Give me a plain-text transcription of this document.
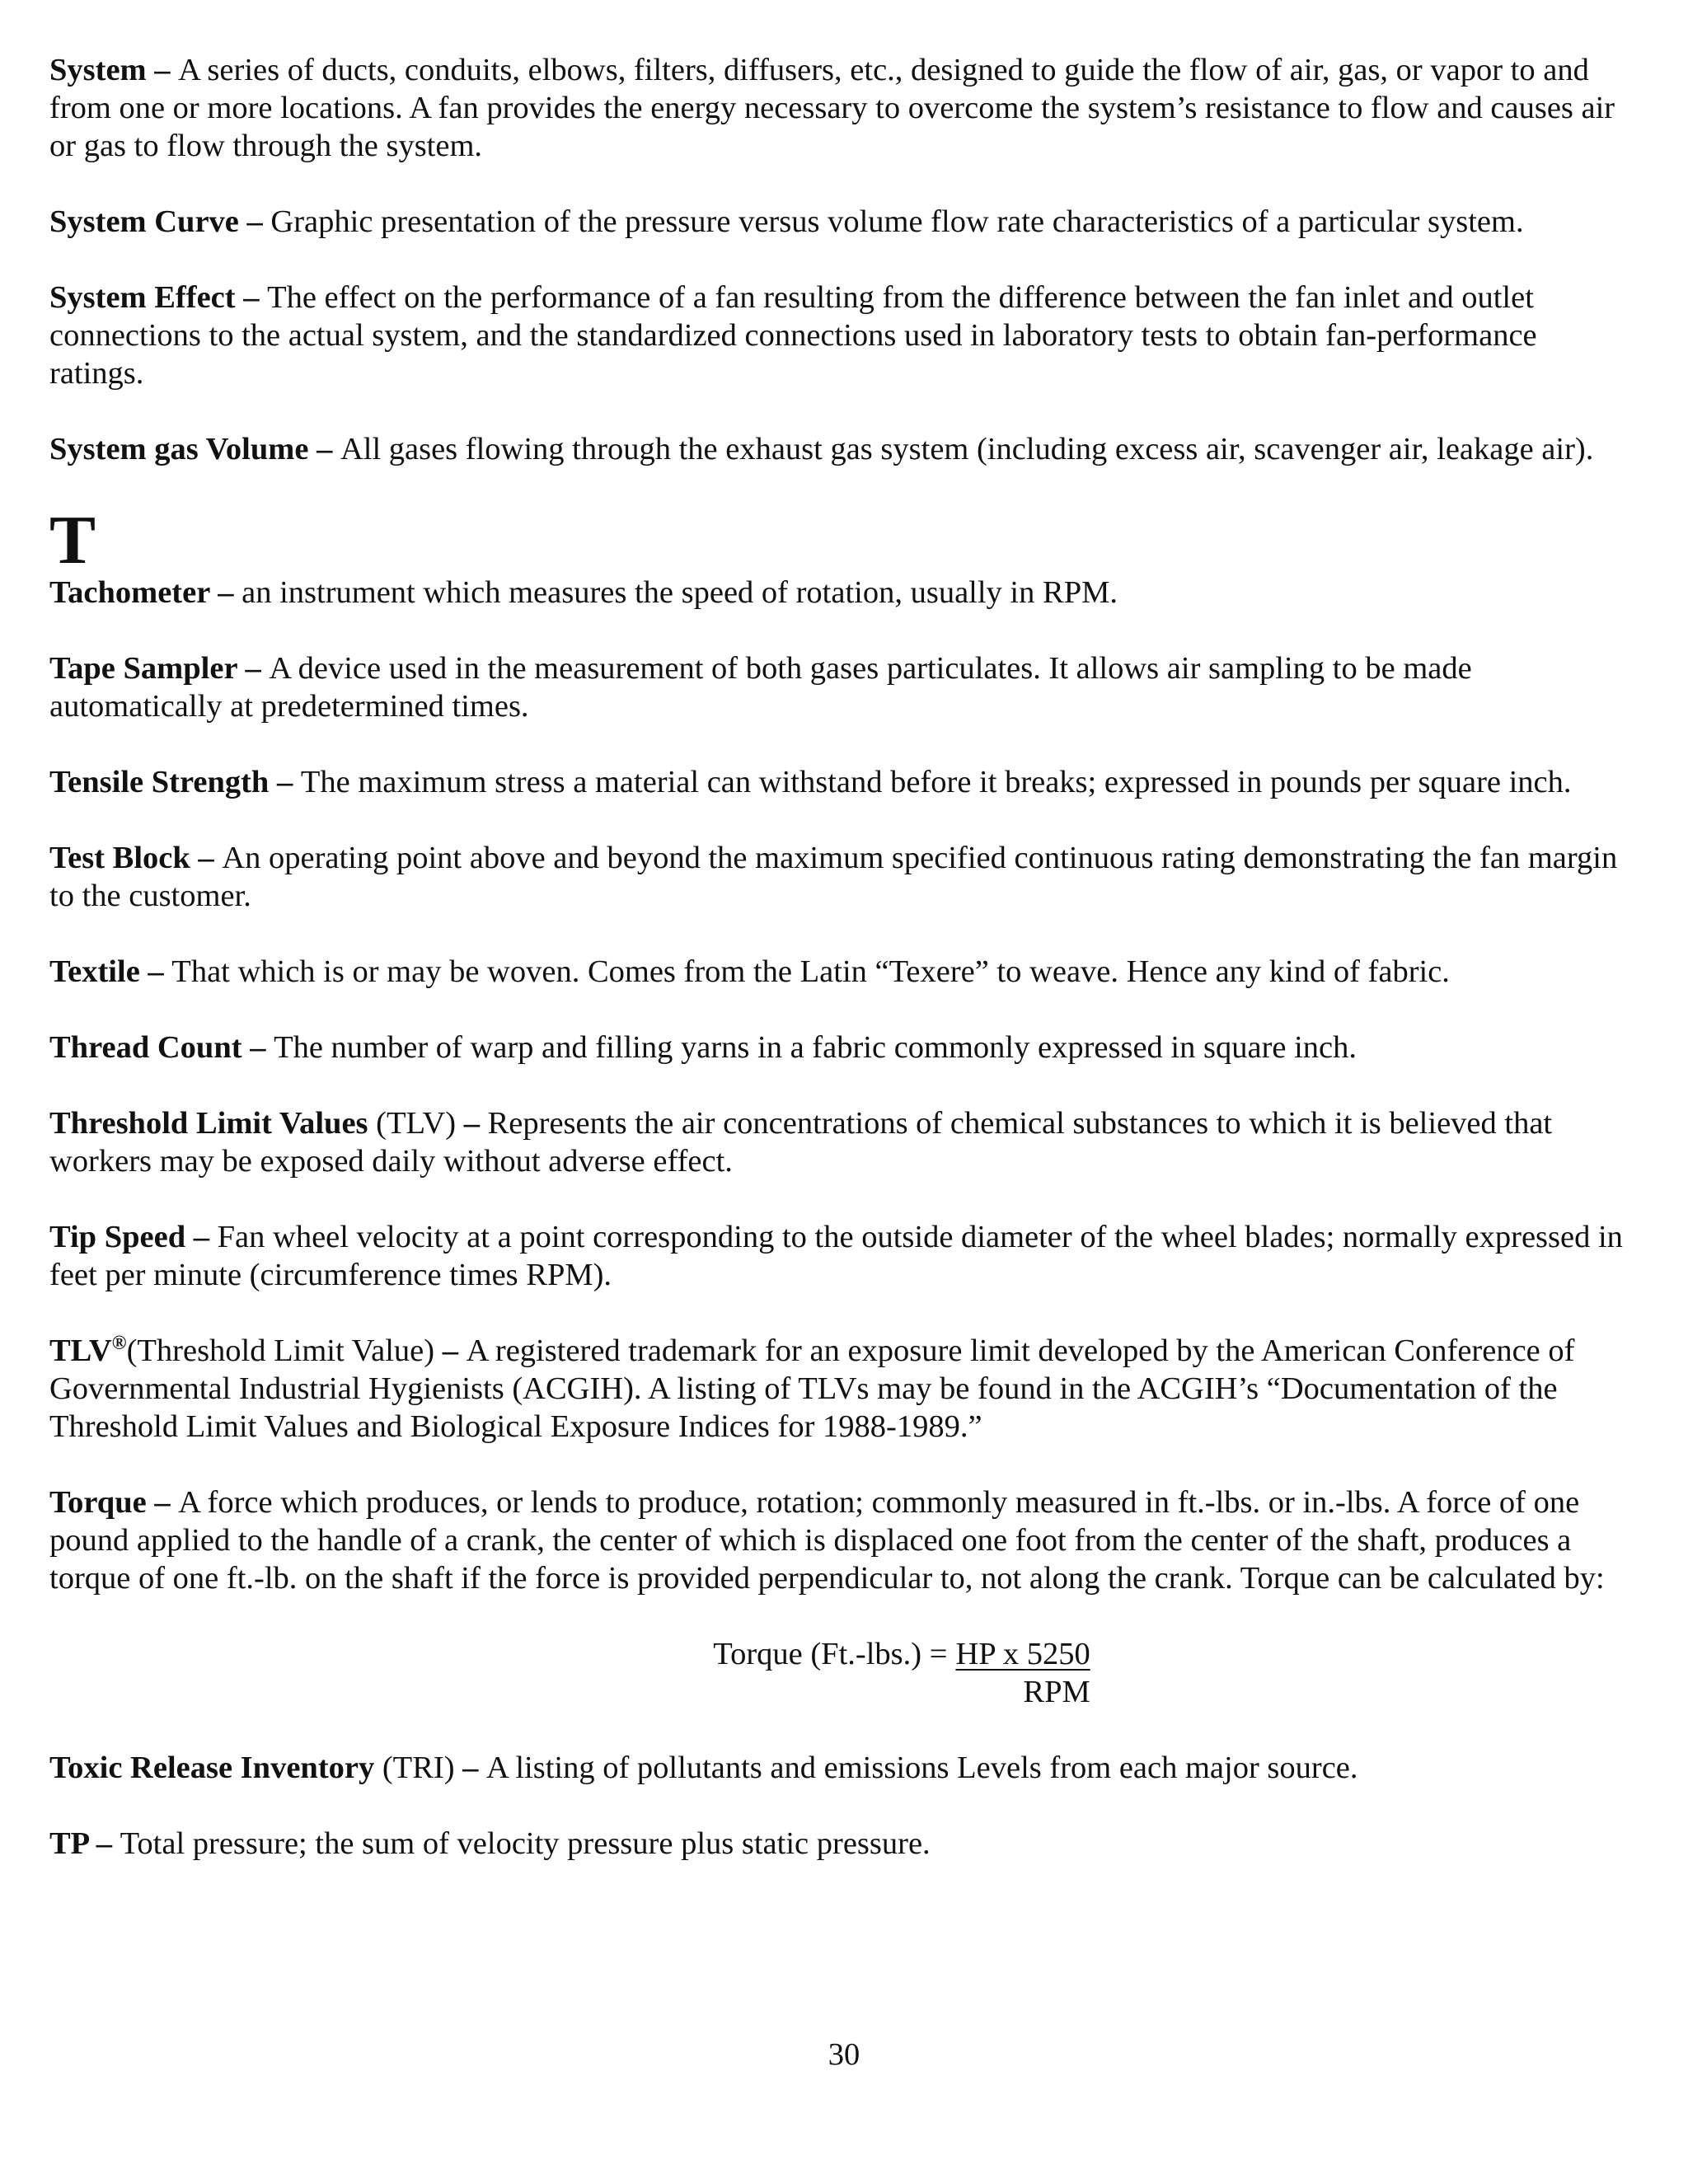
System – A series of ducts, conduits, elbows, filters, diffusers, etc., designed to guide the flow of air, gas, or vapor to and from one or more locations. A fan provides the energy necessary to overcome the system’s resistance to flow and causes air or gas to flow through the system.

System Curve – Graphic presentation of the pressure versus volume flow rate characteristics of a particular system.

System Effect – The effect on the performance of a fan resulting from the difference between the fan inlet and outlet connections to the actual system, and the standardized connections used in laboratory tests to obtain fan-performance ratings.

System gas Volume – All gases flowing through the exhaust gas system (including excess air, scavenger air, leakage air).

T

Tachometer – an instrument which measures the speed of rotation, usually in RPM.

Tape Sampler – A device used in the measurement of both gases particulates. It allows air sampling to be made automatically at predetermined times.

Tensile Strength – The maximum stress a material can withstand before it breaks; expressed in pounds per square inch.

Test Block – An operating point above and beyond the maximum specified continuous rating demonstrating the fan margin to the customer.

Textile – That which is or may be woven. Comes from the Latin “Texere” to weave. Hence any kind of fabric.

Thread Count – The number of warp and filling yarns in a fabric commonly expressed in square inch.

Threshold Limit Values (TLV) – Represents the air concentrations of chemical substances to which it is believed that workers may be exposed daily without adverse effect.

Tip Speed – Fan wheel velocity at a point corresponding to the outside diameter of the wheel blades; normally expressed in feet per minute (circumference times RPM).

TLV®(Threshold Limit Value) – A registered trademark for an exposure limit developed by the American Conference of Governmental Industrial Hygienists (ACGIH). A listing of TLVs may be found in the ACGIH’s “Documentation of the Threshold Limit Values and Biological Exposure Indices for 1988-1989.”

Torque – A force which produces, or lends to produce, rotation; commonly measured in ft.-lbs. or in.-lbs. A force of one pound applied to the handle of a crank, the center of which is displaced one foot from the center of the shaft, produces a torque of one ft.-lb. on the shaft if the force is provided perpendicular to, not along the crank. Torque can be calculated by:

Torque (Ft.-lbs.) = HP x 5250
RPM

Toxic Release Inventory (TRI) – A listing of pollutants and emissions Levels from each major source.

TP – Total pressure; the sum of velocity pressure plus static pressure.

30
